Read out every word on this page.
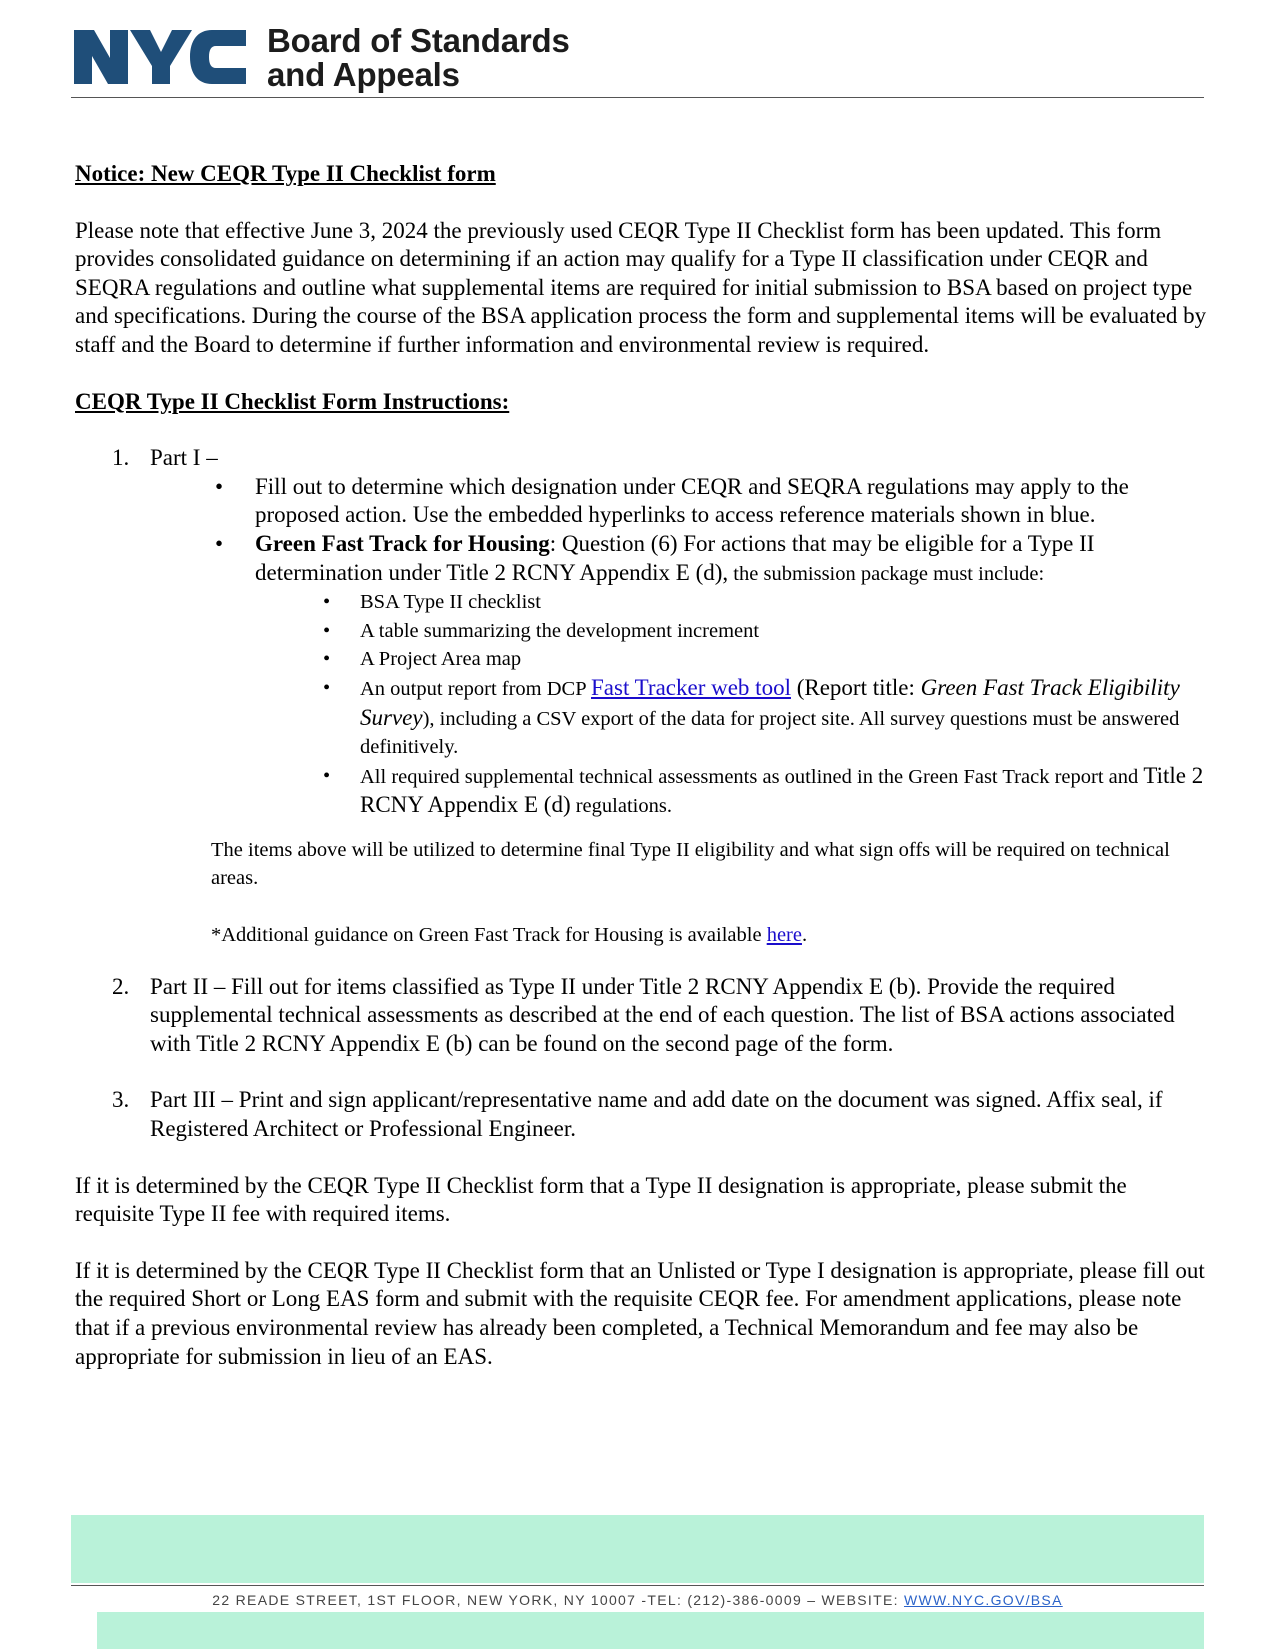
Board of Standards
and Appeals

Notice: New CEQR Type II Checklist form

Please note that effective June 3, 2024 the previously used CEQR Type II Checklist form has been updated. This form provides consolidated guidance on determining if an action may qualify for a Type II classification under CEQR and SEQRA regulations and outline what supplemental items are required for initial submission to BSA based on project type and specifications. During the course of the BSA application process the form and supplemental items will be evaluated by staff and the Board to determine if further information and environmental review is required.

CEQR Type II Checklist Form Instructions:

1. Part I –
• Fill out to determine which designation under CEQR and SEQRA regulations may apply to the proposed action. Use the embedded hyperlinks to access reference materials shown in blue.
• Green Fast Track for Housing: Question (6) For actions that may be eligible for a Type II determination under Title 2 RCNY Appendix E (d), the submission package must include:
• BSA Type II checklist
• A table summarizing the development increment
• A Project Area map
• An output report from DCP Fast Tracker web tool (Report title: Green Fast Track Eligibility Survey), including a CSV export of the data for project site. All survey questions must be answered definitively.
• All required supplemental technical assessments as outlined in the Green Fast Track report and Title 2 RCNY Appendix E (d) regulations.

The items above will be utilized to determine final Type II eligibility and what sign offs will be required on technical areas.

*Additional guidance on Green Fast Track for Housing is available here.

2. Part II – Fill out for items classified as Type II under Title 2 RCNY Appendix E (b). Provide the required supplemental technical assessments as described at the end of each question. The list of BSA actions associated with Title 2 RCNY Appendix E (b) can be found on the second page of the form.
3. Part III – Print and sign applicant/representative name and add date on the document was signed. Affix seal, if Registered Architect or Professional Engineer.

If it is determined by the CEQR Type II Checklist form that a Type II designation is appropriate, please submit the requisite Type II fee with required items.

If it is determined by the CEQR Type II Checklist form that an Unlisted or Type I designation is appropriate, please fill out the required Short or Long EAS form and submit with the requisite CEQR fee. For amendment applications, please note that if a previous environmental review has already been completed, a Technical Memorandum and fee may also be appropriate for submission in lieu of an EAS.

22 READE STREET, 1ST FLOOR, NEW YORK, NY 10007 -TEL: (212)-386-0009 – WEBSITE: WWW.NYC.GOV/BSA
